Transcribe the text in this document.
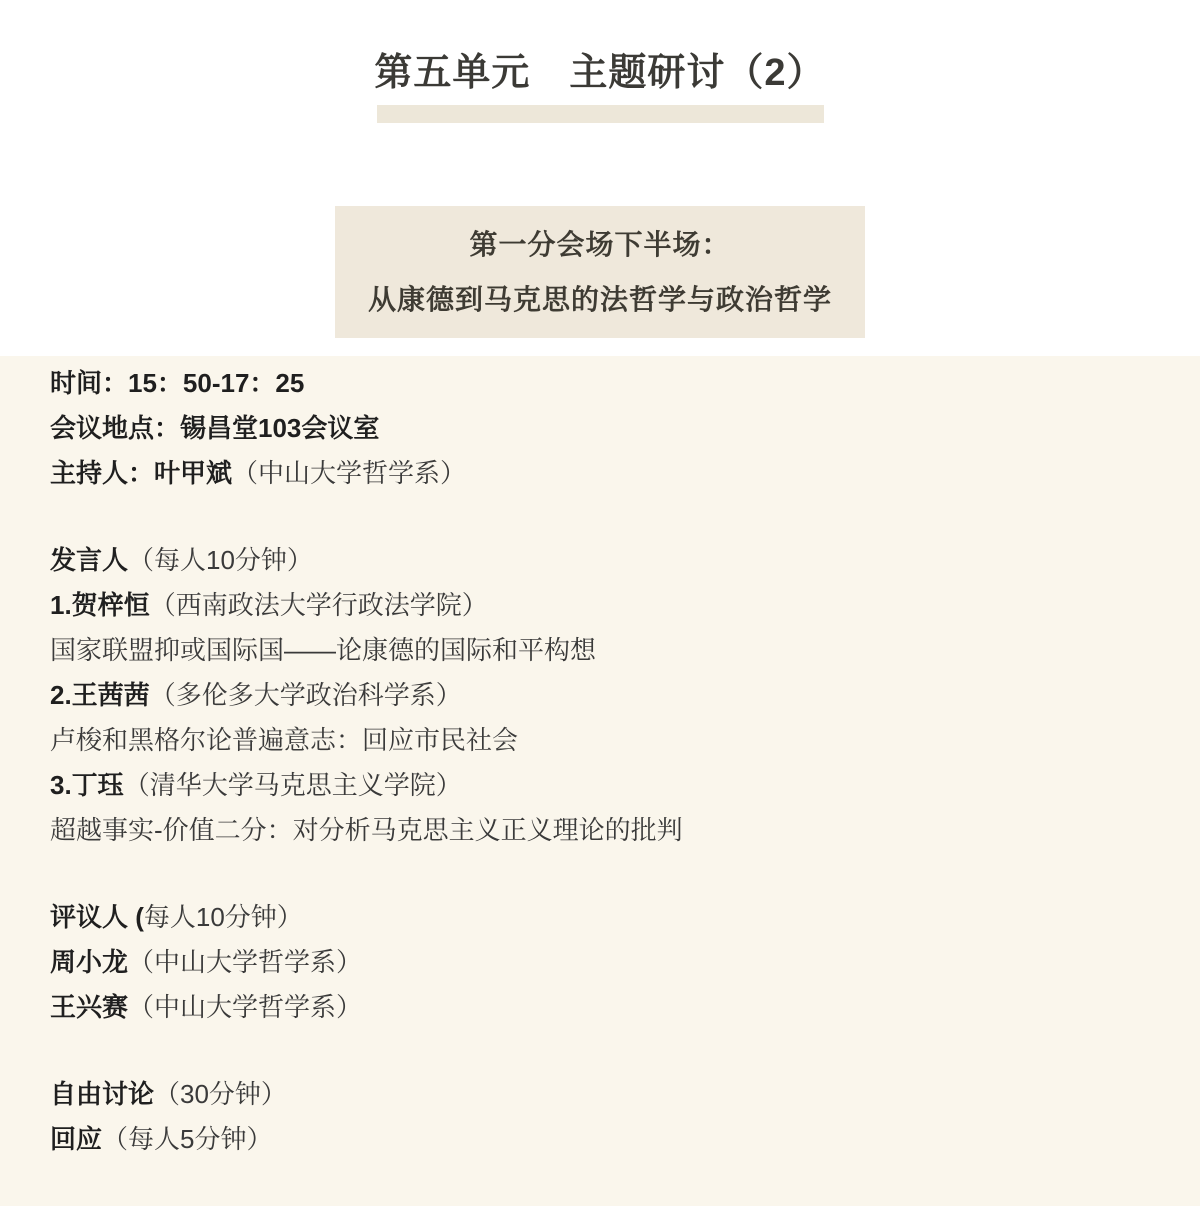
第五单元　主题研讨（2）
第一分会场下半场：
从康德到马克思的法哲学与政治哲学
时间：15：50-17：25
会议地点：锡昌堂103会议室
主持人：叶甲斌（中山大学哲学系）
发言人（每人10分钟）
1.贺梓恒（西南政法大学行政法学院）
国家联盟抑或国际国——论康德的国际和平构想
2.王茜茜（多伦多大学政治科学系）
卢梭和黑格尔论普遍意志：回应市民社会
3.丁珏（清华大学马克思主义学院）
超越事实-价值二分：对分析马克思主义正义理论的批判
评议人 (每人10分钟）
周小龙（中山大学哲学系）
王兴赛（中山大学哲学系）
自由讨论（30分钟）
回应（每人5分钟）
